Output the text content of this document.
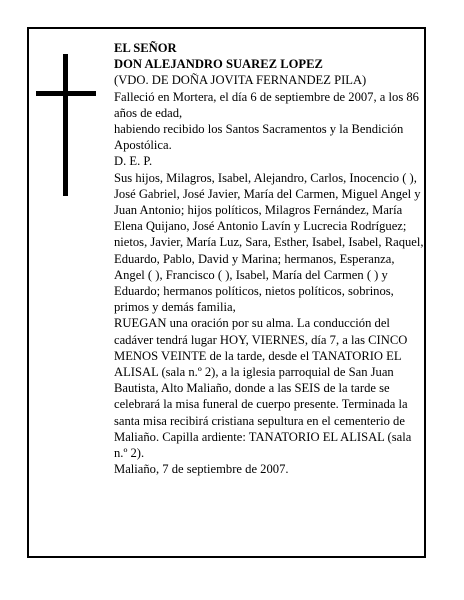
EL SEÑOR
DON ALEJANDRO SUAREZ LOPEZ
(VDO. DE DOÑA JOVITA FERNANDEZ PILA)
Falleció en Mortera, el día 6 de septiembre de 2007, a los 86 años de edad,
habiendo recibido los Santos Sacramentos y la Bendición Apostólica.
D. E. P.
Sus hijos, Milagros, Isabel, Alejandro, Carlos, Inocencio ( ), José Gabriel, José Javier, María del Carmen, Miguel Angel y Juan Antonio; hijos políticos, Milagros Fernández, María Elena Quijano, José Antonio Lavín y Lucrecia Rodríguez; nietos, Javier, María Luz, Sara, Esther, Isabel, Isabel, Raquel, Eduardo, Pablo, David y Marina; hermanos, Esperanza, Angel ( ), Francisco ( ), Isabel, María del Carmen ( ) y Eduardo; hermanos políticos, nietos políticos, sobrinos, primos y demás familia,
RUEGAN una oración por su alma. La conducción del cadáver tendrá lugar HOY, VIERNES, día 7, a las CINCO MENOS VEINTE de la tarde, desde el TANATORIO EL ALISAL (sala n.º 2), a la iglesia parroquial de San Juan Bautista, Alto Maliaño, donde a las SEIS de la tarde se celebrará la misa funeral de cuerpo presente. Terminada la santa misa recibirá cristiana sepultura en el cementerio de Maliaño. Capilla ardiente: TANATORIO EL ALISAL (sala n.º 2).
Maliaño, 7 de septiembre de 2007.
